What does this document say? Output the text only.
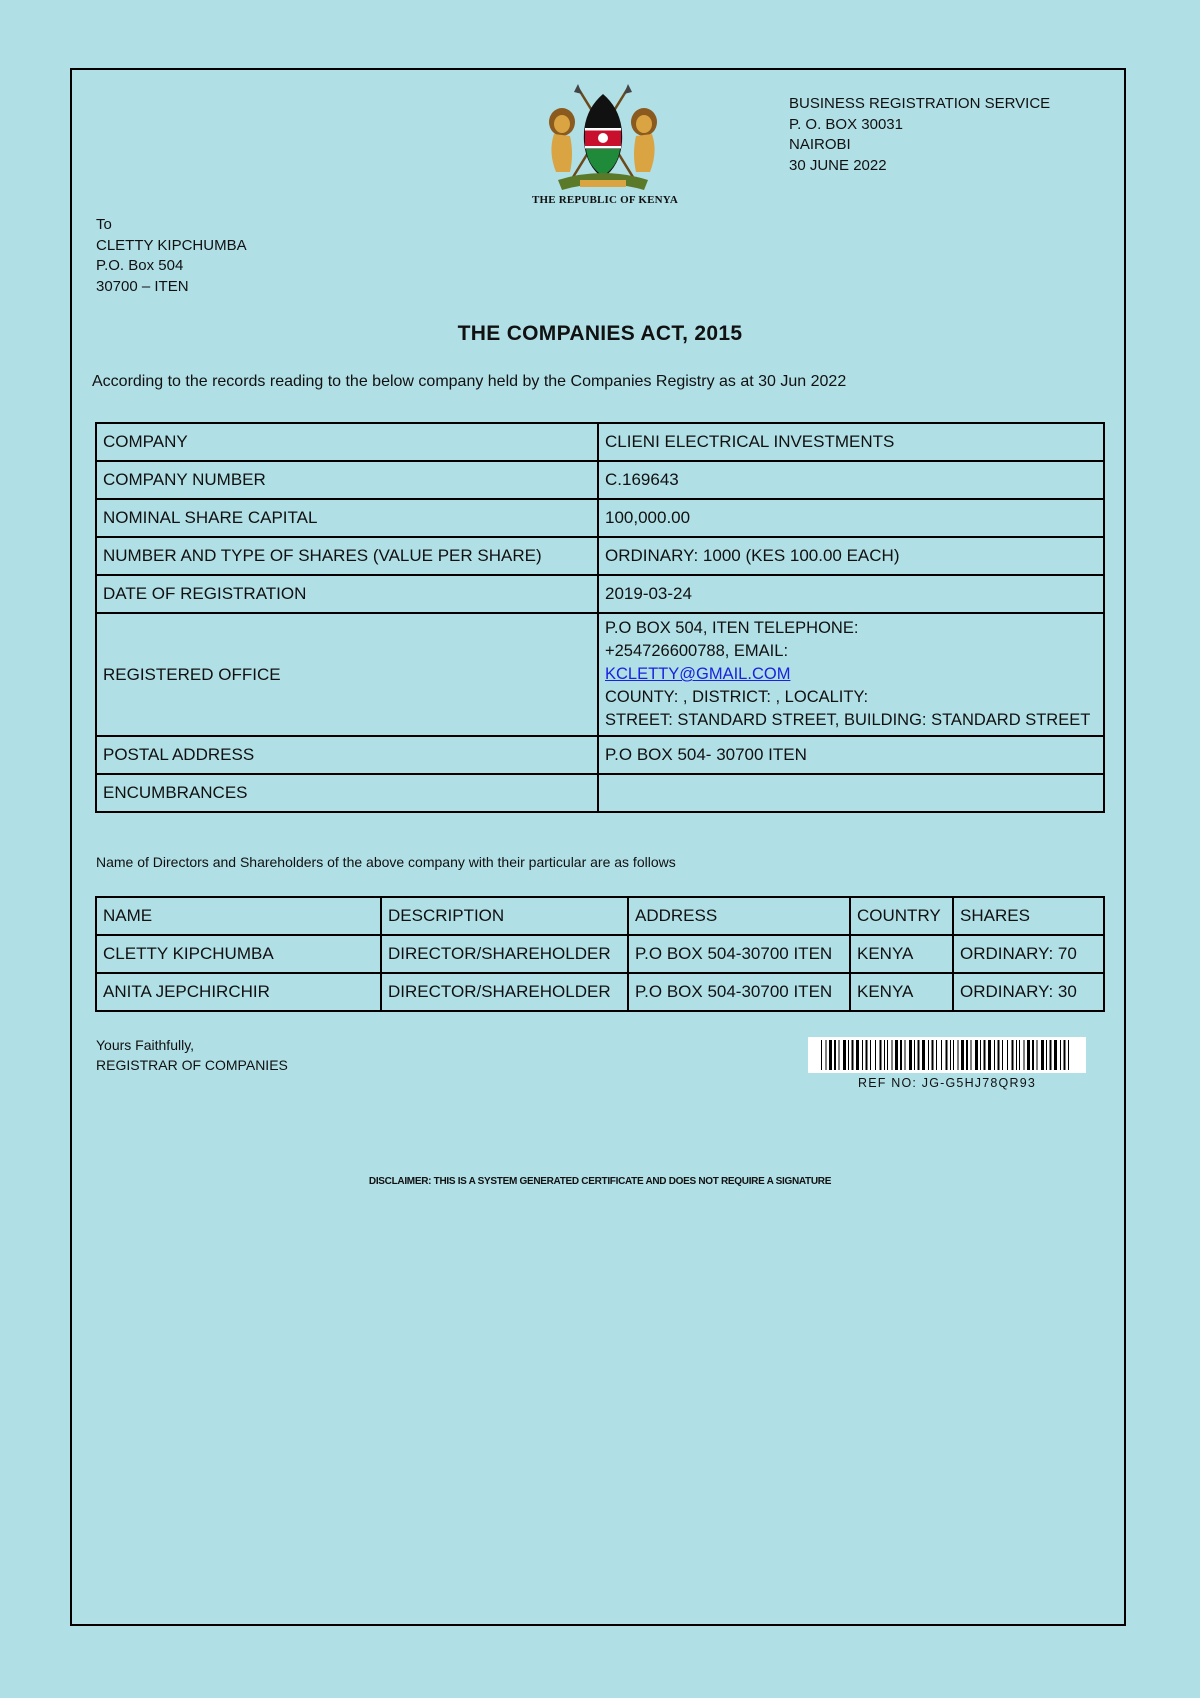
THE REPUBLIC OF KENYA
BUSINESS REGISTRATION SERVICE
P. O. BOX 30031
NAIROBI
30 JUNE 2022
To
CLETTY KIPCHUMBA
P.O. Box 504
30700 – ITEN
THE COMPANIES ACT, 2015
According to the records reading to the below company held by the Companies Registry as at 30 Jun 2022
COMPANY	CLIENI ELECTRICAL INVESTMENTS
COMPANY NUMBER	C.169643
NOMINAL SHARE CAPITAL	100,000.00
NUMBER AND TYPE OF SHARES (VALUE PER SHARE)	ORDINARY: 1000 (KES 100.00 EACH)
DATE OF REGISTRATION	2019-03-24
REGISTERED OFFICE	P.O BOX 504, ITEN TELEPHONE:
+254726600788, EMAIL:
KCLETTY@GMAIL.COM
COUNTY: , DISTRICT: , LOCALITY:
STREET: STANDARD STREET, BUILDING: STANDARD STREET

POSTAL ADDRESS	P.O BOX 504- 30700 ITEN
ENCUMBRANCES	
Name of Directors and Shareholders of the above company with their particular are as follows
NAME	DESCRIPTION	ADDRESS	COUNTRY	SHARES
CLETTY KIPCHUMBA	DIRECTOR/SHAREHOLDER	P.O BOX 504-30700 ITEN	KENYA	ORDINARY: 70
ANITA JEPCHIRCHIR	DIRECTOR/SHAREHOLDER	P.O BOX 504-30700 ITEN	KENYA	ORDINARY: 30
Yours Faithfully,
REGISTRAR OF COMPANIES
REF NO: JG-G5HJ78QR93
DISCLAIMER: THIS IS A SYSTEM GENERATED CERTIFICATE AND DOES NOT REQUIRE A SIGNATURE
